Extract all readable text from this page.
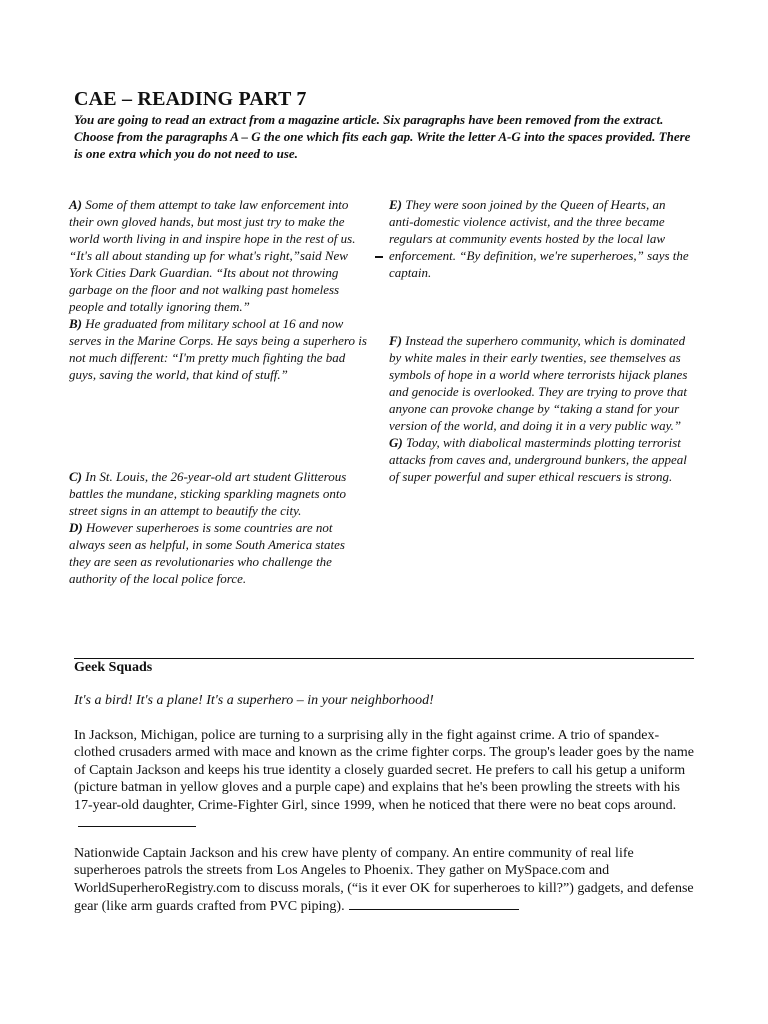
CAE – READING PART 7
You are going to read an extract from a magazine article. Six paragraphs have been removed from the extract. Choose from the paragraphs A – G the one which fits each gap. Write the letter A-G into the spaces provided. There is one extra which you do not need to use.

A) Some of them attempt to take law enforcement into their own gloved hands, but most just try to make the world worth living in and inspire hope in the rest of us. “It's all about standing up for what's right,”said New York Cities Dark Guardian. “Its about not throwing garbage on the floor and not walking past homeless people and totally ignoring them.”

B) He graduated from military school at 16 and now serves in the Marine Corps. He says being a superhero is not much different: “I'm pretty much fighting the bad guys, saving the world, that kind of stuff.”

C) In St. Louis, the 26-year-old art student Glitterous battles the mundane, sticking sparkling magnets onto street signs in an attempt to beautify the city.

D) However superheroes is some countries are not always seen as helpful, in some South America states they are seen as revolutionaries who challenge the authority of the local police force.

E) They were soon joined by the Queen of Hearts, an anti-domestic violence activist, and the three became regulars at community events hosted by the local law enforcement. “By definition, we're superheroes,” says the captain.

F) Instead the superhero community, which is dominated by white males in their early twenties, see themselves as symbols of hope in a world where terrorists hijack planes and genocide is overlooked. They are trying to prove that anyone can provoke change by “taking a stand for your version of the world, and doing it in a very public way.”

G) Today, with diabolical masterminds plotting terrorist attacks from caves and, underground bunkers, the appeal of super powerful and super ethical rescuers is strong.

Geek Squads
It's a bird! It's a plane! It's a superhero – in your neighborhood!
In Jackson, Michigan, police are turning to a surprising ally in the fight against crime. A trio of spandex-clothed crusaders armed with mace and known as the crime fighter corps. The group's leader goes by the name of Captain Jackson and keeps his true identity a closely guarded secret. He prefers to call his getup a uniform (picture batman in yellow gloves and a purple cape) and explains that he's been prowling the streets with his 17-year-old daughter, Crime-Fighter Girl, since 1999, when he noticed that there were no beat cops around.
Nationwide Captain Jackson and his crew have plenty of company. An entire community of real life superheroes patrols the streets from Los Angeles to Phoenix. They gather on MySpace.com and WorldSuperheroRegistry.com to discuss morals, (“is it ever OK for superheroes to kill?”) gadgets, and defense gear (like arm guards crafted from PVC piping).
